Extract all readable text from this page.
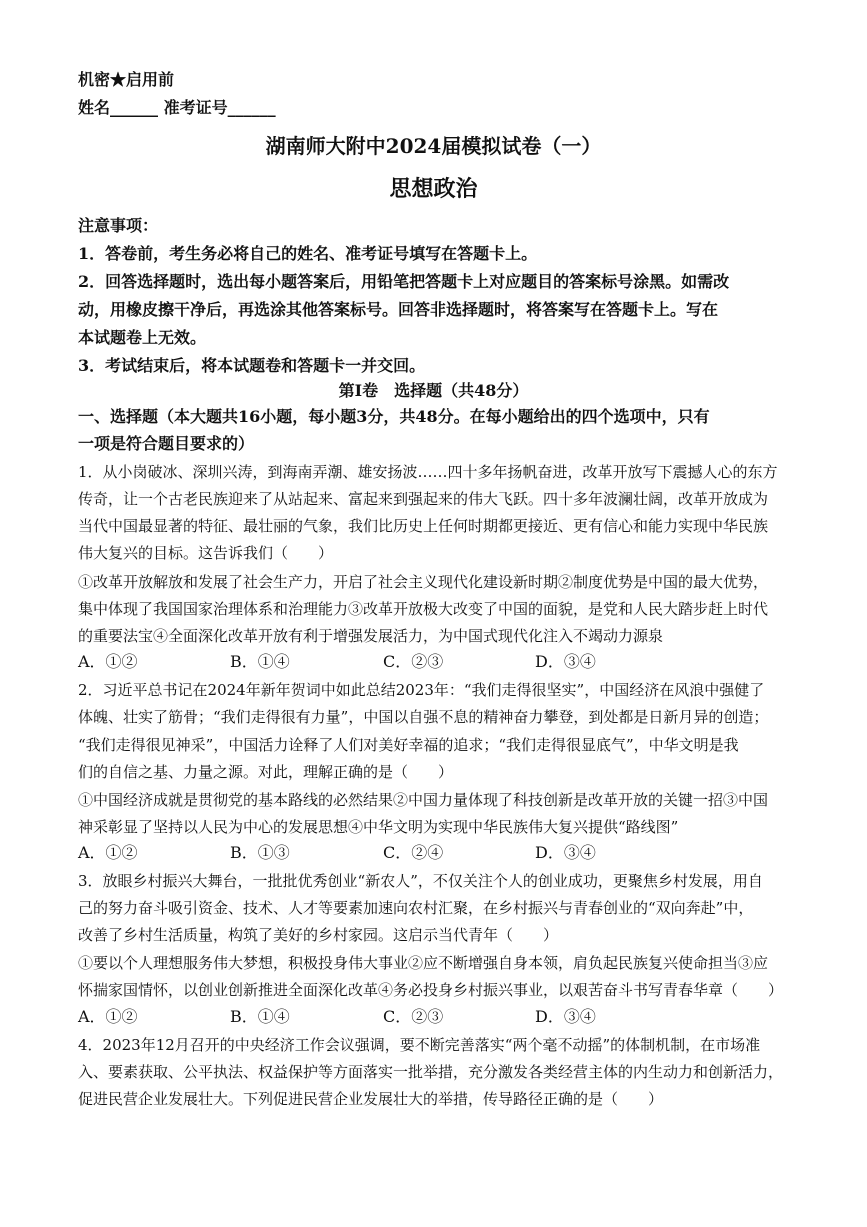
机密★启用前
姓名______ 准考证号______
湖南师大附中2024届模拟试卷（一）
思想政治
注意事项：
1．答卷前，考生务必将自己的姓名、准考证号填写在答题卡上。
2．回答选择题时，选出每小题答案后，用铅笔把答题卡上对应题目的答案标号涂黑。如需改
动，用橡皮擦干净后，再选涂其他答案标号。回答非选择题时，将答案写在答题卡上。写在
本试题卷上无效。
3．考试结束后，将本试题卷和答题卡一并交回。
第Ⅰ卷　选择题（共48分）
一、选择题（本大题共16小题，每小题3分，共48分。在每小题给出的四个选项中，只有
一项是符合题目要求的）
1．从小岗破冰、深圳兴涛，到海南弄潮、雄安扬波……四十多年扬帆奋进，改革开放写下震撼人心的东方
传奇，让一个古老民族迎来了从站起来、富起来到强起来的伟大飞跃。四十多年波澜壮阔，改革开放成为
当代中国最显著的特征、最壮丽的气象，我们比历史上任何时期都更接近、更有信心和能力实现中华民族
伟大复兴的目标。这告诉我们（　　）
①改革开放解放和发展了社会生产力，开启了社会主义现代化建设新时期②制度优势是中国的最大优势，
集中体现了我国国家治理体系和治理能力③改革开放极大改变了中国的面貌，是党和人民大踏步赶上时代
的重要法宝④全面深化改革开放有利于增强发展活力，为中国式现代化注入不竭动力源泉
A．①②	B．①④	C．②③	D．③④
2．习近平总书记在2024年新年贺词中如此总结2023年：“我们走得很坚实”，中国经济在风浪中强健了
体魄、壮实了筋骨；“我们走得很有力量”，中国以自强不息的精神奋力攀登，到处都是日新月异的创造；
“我们走得很见神采”，中国活力诠释了人们对美好幸福的追求；“我们走得很显底气”，中华文明是我
们的自信之基、力量之源。对此，理解正确的是（　　）
①中国经济成就是贯彻党的基本路线的必然结果②中国力量体现了科技创新是改革开放的关键一招③中国
神采彰显了坚持以人民为中心的发展思想④中华文明为实现中华民族伟大复兴提供“路线图”
A．①②	B．①③	C．②④	D．③④
3．放眼乡村振兴大舞台，一批批优秀创业“新农人”，不仅关注个人的创业成功，更聚焦乡村发展，用自
己的努力奋斗吸引资金、技术、人才等要素加速向农村汇聚，在乡村振兴与青春创业的“双向奔赴”中，
改善了乡村生活质量，构筑了美好的乡村家园。这启示当代青年（　　）
①要以个人理想服务伟大梦想，积极投身伟大事业②应不断增强自身本领，肩负起民族复兴使命担当③应
怀揣家国情怀，以创业创新推进全面深化改革④务必投身乡村振兴事业，以艰苦奋斗书写青春华章（　　）
A．①②	B．①④	C．②③	D．③④
4．2023年12月召开的中央经济工作会议强调，要不断完善落实“两个毫不动摇”的体制机制，在市场准
入、要素获取、公平执法、权益保护等方面落实一批举措，充分激发各类经营主体的内生动力和创新活力，
促进民营企业发展壮大。下列促进民营企业发展壮大的举措，传导路径正确的是（　　）
